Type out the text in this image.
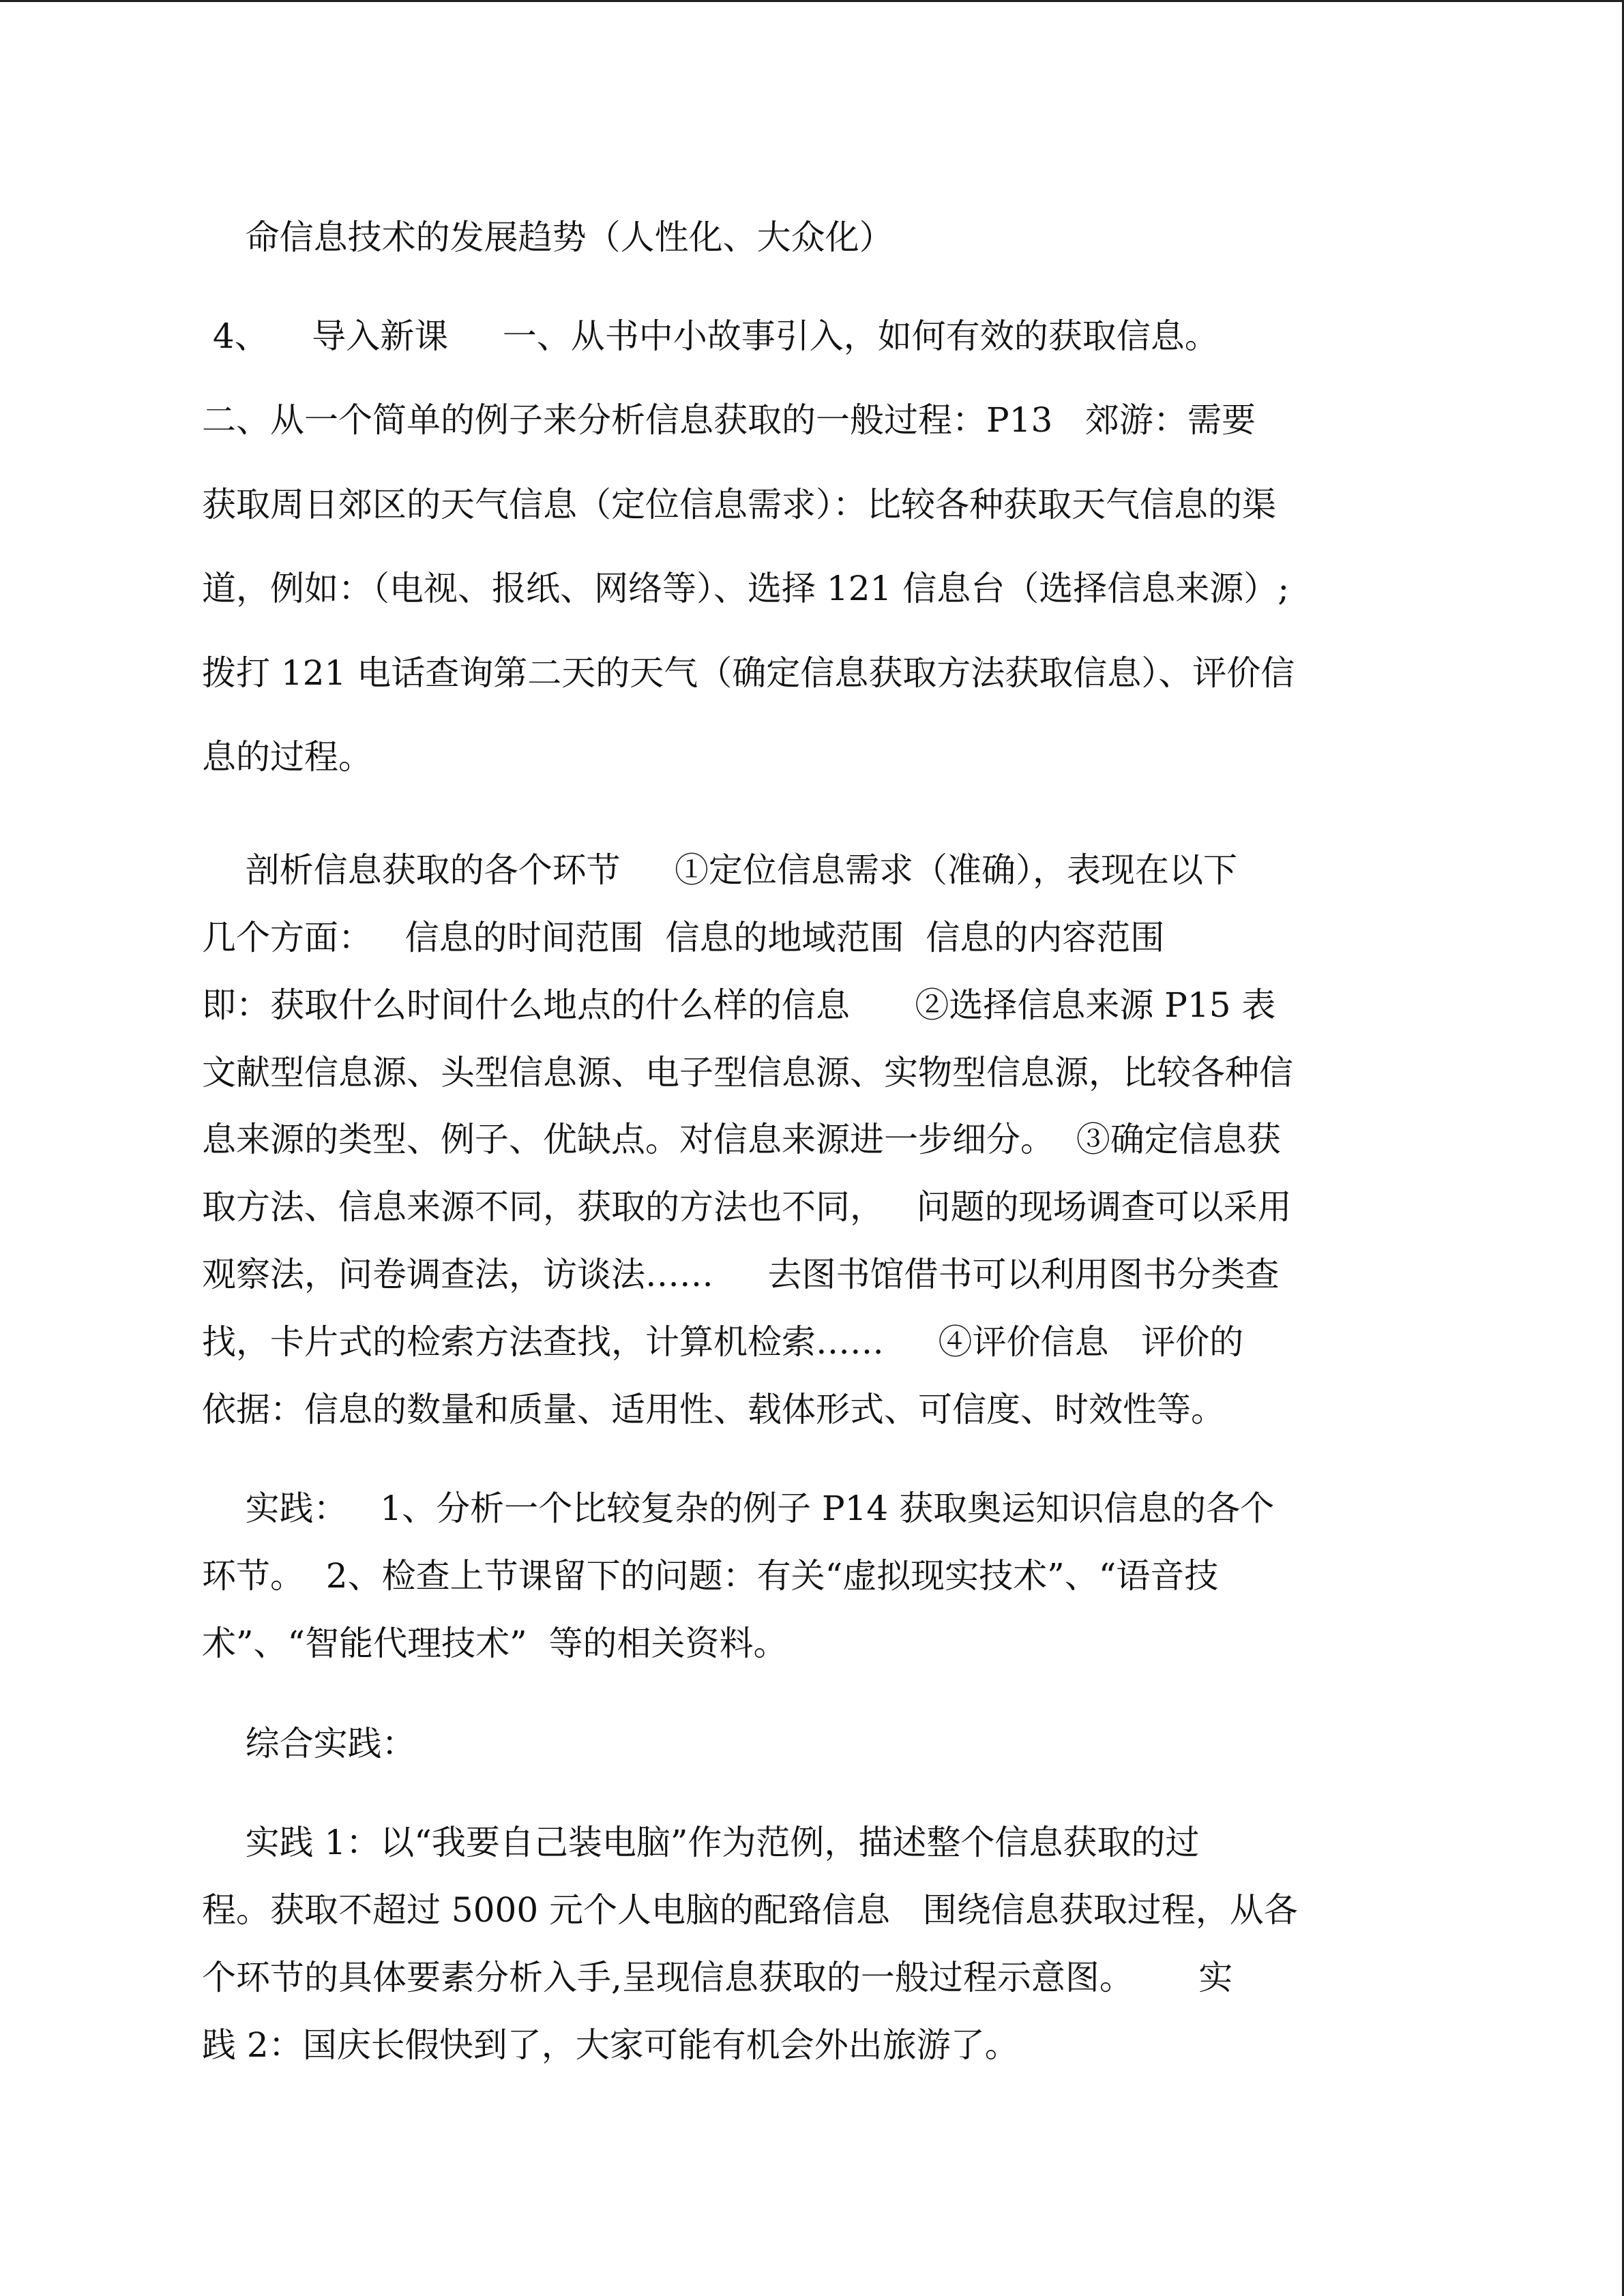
命信息技术的发展趋势（人性化、大众化）
4、    导入新课     一、从书中小故事引入，如何有效的获取信息。
二、从一个简单的例子来分析信息获取的一般过程：P13   郊游：需要
获取周日郊区的天气信息（定位信息需求）：比较各种获取天气信息的渠
道，例如：（电视、报纸、网络等）、选择 121 信息台（选择信息来源）;
拨打 121 电话查询第二天的天气（确定信息获取方法获取信息）、评价信
息的过程。
剖析信息获取的各个环节     ①定位信息需求（准确），表现在以下
几个方面：   信息的时间范围  信息的地域范围  信息的内容范围
即：获取什么时间什么地点的什么样的信息      ②选择信息来源 P15 表
文献型信息源、头型信息源、电子型信息源、实物型信息源，比较各种信
息来源的类型、例子、优缺点。对信息来源进一步细分。  ③确定信息获
取方法、信息来源不同，获取的方法也不同，   问题的现场调查可以采用
观察法，问卷调查法，访谈法……     去图书馆借书可以利用图书分类查
找，卡片式的检索方法查找，计算机检索……     ④评价信息   评价的
依据：信息的数量和质量、适用性、载体形式、可信度、时效性等。
实践：   1、分析一个比较复杂的例子 P14 获取奥运知识信息的各个
环节。  2、检查上节课留下的问题：有关“虚拟现实技术”、“语音技
术”、“智能代理技术”  等的相关资料。
综合实践：
实践 1：以“我要自己装电脑”作为范例，描述整个信息获取的过
程。获取不超过 5000 元个人电脑的配臵信息   围绕信息获取过程，从各
个环节的具体要素分析入手,呈现信息获取的一般过程示意图。      实
践 2：国庆长假快到了，大家可能有机会外出旅游了。
